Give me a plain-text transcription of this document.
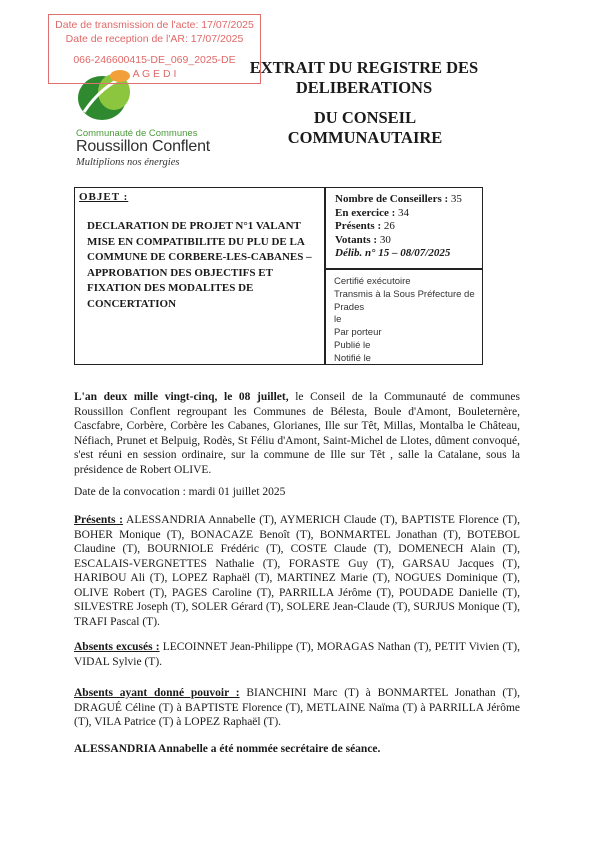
Communauté de Communes
Roussillon Conflent
Multiplions nos énergies
EXTRAIT DU REGISTRE DES
DELIBERATIONS
DU CONSEIL
COMMUNAUTAIRE
Date de transmission de l'acte: 17/07/2025
Date de reception de l'AR: 17/07/2025
066-246600415-DE_069_2025-DE
A G E D I
OBJET :
DECLARATION DE PROJET N°1 VALANT MISE EN COMPATIBILITE DU PLU DE LA COMMUNE DE CORBERE-LES-CABANES – APPROBATION DES OBJECTIFS ET FIXATION DES MODALITES DE CONCERTATION
Nombre de Conseillers : 35
En exercice : 34
Présents : 26
Votants : 30
Délib. n° 15 – 08/07/2025
Certifié exécutoire
Transmis à la Sous Préfecture de
Prades
le
Par porteur
Publié le
Notifié le
L'an deux mille vingt-cinq, le 08 juillet, le Conseil de la Communauté de communes Roussillon Conflent regroupant les Communes de Bélesta, Boule d'Amont, Bouleternère, Cascfabre, Corbère, Corbère les Cabanes, Glorianes, Ille sur Têt, Millas, Montalba le Château, Néfiach, Prunet et Belpuig, Rodès, St Féliu d'Amont, Saint-Michel de Llotes, dûment convoqué, s'est réuni en session ordinaire, sur la commune de Ille sur Têt , salle la Catalane, sous la présidence de Robert OLIVE.
Date de la convocation : mardi 01 juillet 2025
Présents : ALESSANDRIA Annabelle (T), AYMERICH Claude (T), BAPTISTE Florence (T), BOHER Monique (T), BONACAZE Benoît (T), BONMARTEL Jonathan (T), BOTEBOL Claudine (T), BOURNIOLE Frédéric (T), COSTE Claude (T), DOMENECH Alain (T), ESCALAIS-VERGNETTES Nathalie (T), FORASTE Guy (T), GARSAU Jacques (T), HARIBOU Ali (T), LOPEZ Raphaël (T), MARTINEZ Marie (T), NOGUES Dominique (T), OLIVE Robert (T), PAGES Caroline (T), PARRILLA Jérôme (T), POUDADE Danielle (T), SILVESTRE Joseph (T), SOLER Gérard (T), SOLERE Jean-Claude (T), SURJUS Monique (T), TRAFI Pascal (T).
Absents excusés : LECOINNET Jean-Philippe (T), MORAGAS Nathan (T), PETIT Vivien (T), VIDAL Sylvie (T).
Absents ayant donné pouvoir : BIANCHINI Marc (T) à BONMARTEL Jonathan (T), DRAGUÉ Céline (T) à BAPTISTE Florence (T), METLAINE Naïma (T) à PARRILLA Jérôme (T), VILA Patrice (T) à LOPEZ Raphaël (T).
ALESSANDRIA Annabelle a été nommée secrétaire de séance.
